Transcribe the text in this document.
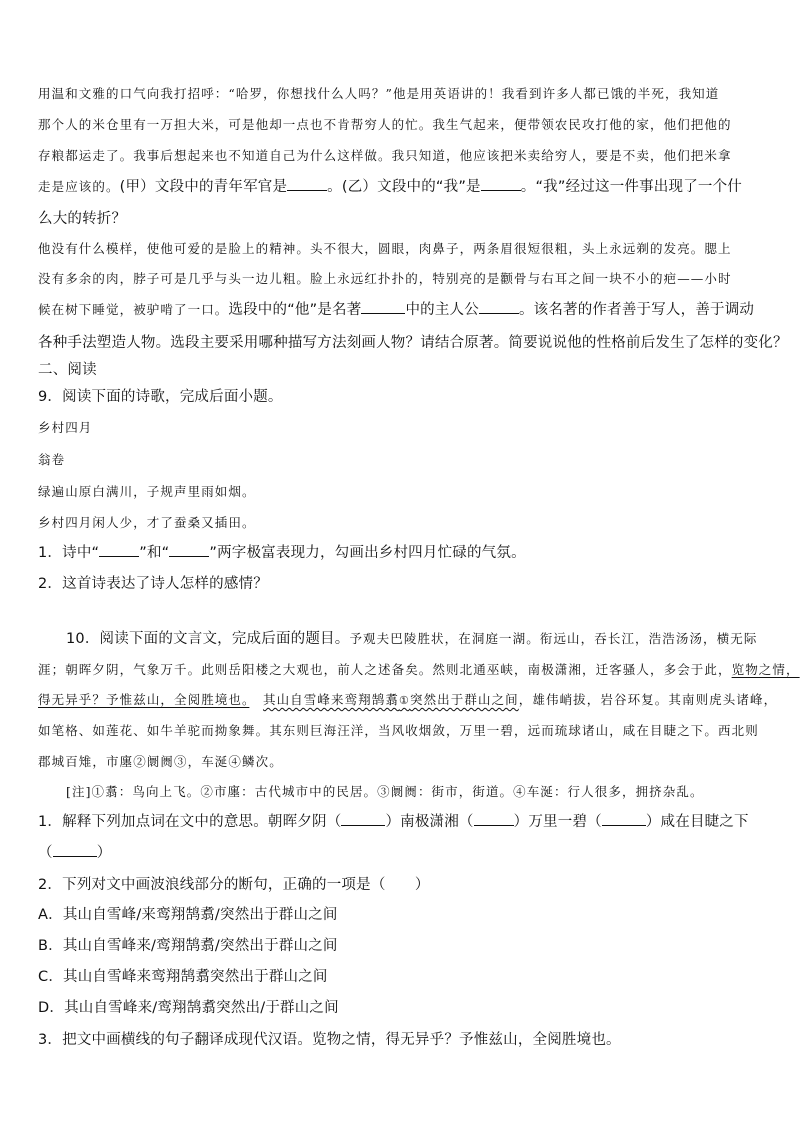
用温和文雅的口气向我打招呼：“哈罗，你想找什么人吗？”他是用英语讲的！我看到许多人都已饿的半死，我知道
那个人的米仓里有一万担大米，可是他却一点也不肯帮穷人的忙。我生气起来，便带领农民攻打他的家，他们把他的
存粮都运走了。我事后想起来也不知道自己为什么这样做。我只知道，他应该把米卖给穷人，要是不卖，他们把米拿
走是应该的。(甲）文段中的青年军官是	。(乙）文段中的“我”是	。“我”经过这一件事出现了一个什
么大的转折？
他没有什么模样，使他可爱的是脸上的精神。头不很大，圆眼，肉鼻子，两条眉很短很粗，头上永远剃的发亮。腮上
没有多余的肉，脖子可是几乎与头一边儿粗。脸上永远红扑扑的，特别亮的是颧骨与右耳之间一块不小的疤——小时
候在树下睡觉，被驴啃了一口。选段中的“他”是名著	中的主人公	。该名著的作者善于写人，善于调动
各种手法塑造人物。选段主要采用哪种描写方法刻画人物？请结合原著。简要说说他的性格前后发生了怎样的变化？
二、阅读
9．阅读下面的诗歌，完成后面小题。
乡村四月
翁卷
绿遍山原白满川，子规声里雨如烟。
乡村四月闲人少，才了蚕桑又插田。
1．诗中“	”和“	”两字极富表现力，勾画出乡村四月忙碌的气氛。
2．这首诗表达了诗人怎样的感情？
10．阅读下面的文言文，完成后面的题目。予观夫巴陵胜状，在洞庭一湖。衔远山，吞长江，浩浩汤汤，横无际
涯；朝晖夕阴，气象万千。此则岳阳楼之大观也，前人之述备矣。然则北通巫峡，南极潇湘，迁客骚人，多会于此，览物之情，
得无异乎？予惟兹山，全阅胜境也。　 其山自雪峰来鸾翔鹄翥①突然出于群山之间，雄伟峭拔，岩谷环复。其南则虎头诸峰，
如笔格、如莲花、如牛羊驼而拗象舞。其东则巨海汪洋，当风收烟敛，万里一碧，远而琉球诸山，咸在目睫之下。西北则
郡城百雉，市廛②阛阓③，车涎④鳞次。
[注]①翥：鸟向上飞。②市廛：古代城市中的民居。③阛阓：街市，街道。④车涎：行人很多，拥挤杂乱。
1．解释下列加点词在文中的意思。朝晖夕阴（	）南极潇湘（	）万里一碧（	）咸在目睫之下
（	）
2．下列对文中画波浪线部分的断句，正确的一项是（　　）
A．其山自雪峰/来鸾翔鹄翥/突然出于群山之间
B．其山自雪峰来/鸾翔鹄翥/突然出于群山之间
C．其山自雪峰来鸾翔鹄翥突然出于群山之间
D．其山自雪峰来/鸾翔鹄翥突然出/于群山之间
3．把文中画横线的句子翻译成现代汉语。览物之情，得无异乎？予惟兹山，全阅胜境也。
